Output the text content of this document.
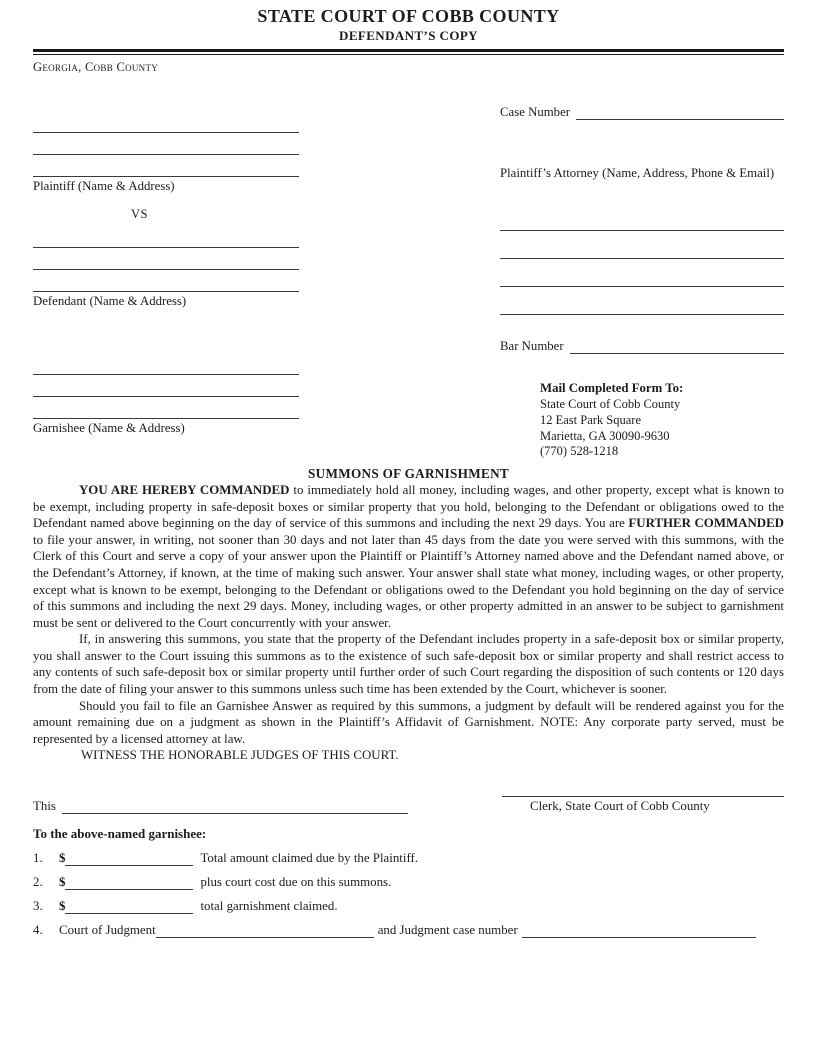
STATE COURT OF COBB COUNTY
DEFENDANT’S COPY
Georgia, Cobb County
Plaintiff (Name & Address)
VS
Defendant (Name & Address)
Garnishee (Name & Address)
Case Number
Plaintiff’s Attorney (Name, Address, Phone & Email)
Bar Number
Mail Completed Form To:
State Court of Cobb County
12 East Park Square
Marietta, GA 30090-9630
(770) 528-1218
SUMMONS OF GARNISHMENT

YOU ARE HEREBY COMMANDED to immediately hold all money, including wages, and other property, except what is known to be exempt, including property in safe-deposit boxes or similar property that you hold, belonging to the Defendant or obligations owed to the Defendant named above beginning on the day of service of this summons and including the next 29 days. You are FURTHER COMMANDED to file your answer, in writing, not sooner than 30 days and not later than 45 days from the date you were served with this summons, with the Clerk of this Court and serve a copy of your answer upon the Plaintiff or Plaintiff’s Attorney named above and the Defendant named above, or the Defendant’s Attorney, if known, at the time of making such answer. Your answer shall state what money, including wages, or other property, except what is known to be exempt, belonging to the Defendant or obligations owed to the Defendant you hold beginning on the day of service of this summons and including the next 29 days. Money, including wages, or other property admitted in an answer to be subject to garnishment must be sent or delivered to the Court concurrently with your answer.

If, in answering this summons, you state that the property of the Defendant includes property in a safe-deposit box or similar property, you shall answer to the Court issuing this summons as to the existence of such safe-deposit box or similar property and shall restrict access to any contents of such safe-deposit box or similar property until further order of such Court regarding the disposition of such contents or 120 days from the date of filing your answer to this summons unless such time has been extended by the Court, whichever is sooner.

Should you fail to file an Garnishee Answer as required by this summons, a judgment by default will be rendered against you for the amount remaining due on a judgment as shown in the Plaintiff’s Affidavit of Garnishment. NOTE: Any corporate party served, must be represented by a licensed attorney at law.

WITNESS THE HONORABLE JUDGES OF THIS COURT.
This	Clerk, State Court of Cobb County
To the above-named garnishee:
1.	$	Total amount claimed due by the Plaintiff.
2.	$	plus court cost due on this summons.
3.	$	total garnishment claimed.
4.	Court of Judgment	and Judgment case number
